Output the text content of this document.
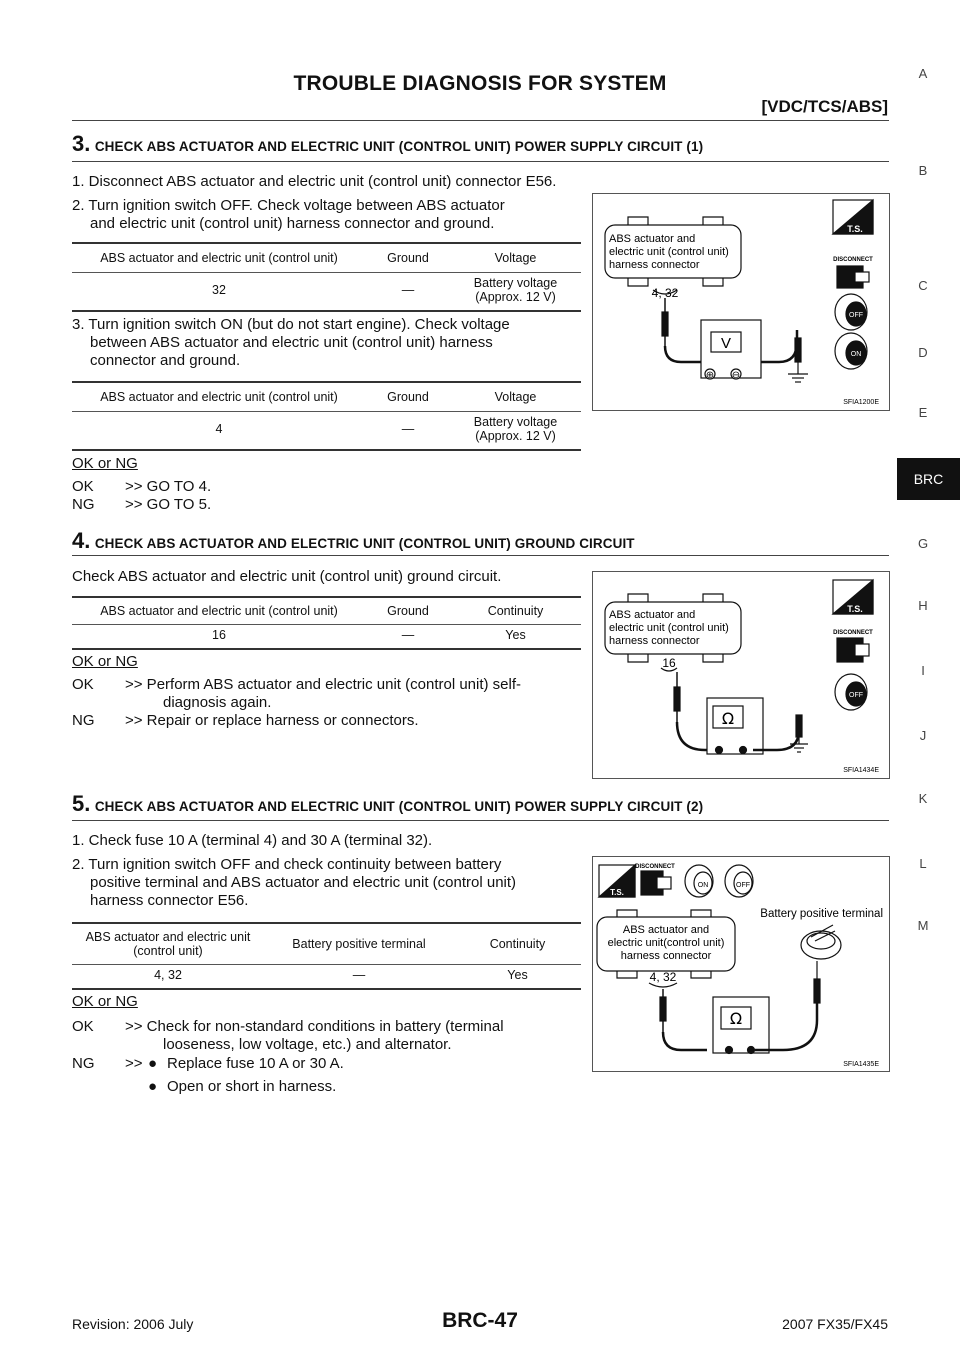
TROUBLE DIAGNOSIS FOR SYSTEM
[VDC/TCS/ABS]
A
B
C
D
E
BRC
G
H
I
J
K
L
M
3. CHECK ABS ACTUATOR AND ELECTRIC UNIT (CONTROL UNIT) POWER SUPPLY CIRCUIT (1)
1. Disconnect ABS actuator and electric unit (control unit) connector E56.
2. Turn ignition switch OFF. Check voltage between ABS actuator
and electric unit (control unit) harness connector and ground.
ABS actuator and electric unit (control unit)	Ground	Voltage
32	—	Battery voltage
(Approx. 12 V)
3. Turn ignition switch ON (but do not start engine). Check voltage
between ABS actuator and electric unit (control unit) harness
connector and ground.
ABS actuator and electric unit (control unit)	Ground	Voltage
4	—	Battery voltage
(Approx. 12 V)
OK or NG
OK >> GO TO 4.
NG >> GO TO 5.
ABS actuator and
electric unit (control unit)
harness connector
4, 32
V
⊕ ⊖
T.S.
DISCONNECT
OFF
ON
SFIA1200E
4. CHECK ABS ACTUATOR AND ELECTRIC UNIT (CONTROL UNIT) GROUND CIRCUIT
Check ABS actuator and electric unit (control unit) ground circuit.
ABS actuator and electric unit (control unit)	Ground	Continuity
16	—	Yes
OK or NG
OK >> Perform ABS actuator and electric unit (control unit) self-
diagnosis again.
NG >> Repair or replace harness or connectors.
ABS actuator and
electric unit (control unit)
harness connector
16
Ω
T.S.
DISCONNECT
OFF
SFIA1434E
5. CHECK ABS ACTUATOR AND ELECTRIC UNIT (CONTROL UNIT) POWER SUPPLY CIRCUIT (2)
1. Check fuse 10 A (terminal 4) and 30 A (terminal 32).
2. Turn ignition switch OFF and check continuity between battery
positive terminal and ABS actuator and electric unit (control unit)
harness connector E56.
ABS actuator and electric unit
(control unit)	Battery positive terminal	Continuity
4, 32	—	Yes
OK or NG
OK >> Check for non-standard conditions in battery (terminal
looseness, low voltage, etc.) and alternator.
NG >> ● Replace fuse 10 A or 30 A.
● Open or short in harness.
ON	OFF
T.S.
DISCONNECT
ABS actuator and
electric unit(control unit)
harness connector
4, 32
Battery positive terminal
Ω
SFIA1435E
Revision: 2006 July	BRC-47	2007 FX35/FX45
